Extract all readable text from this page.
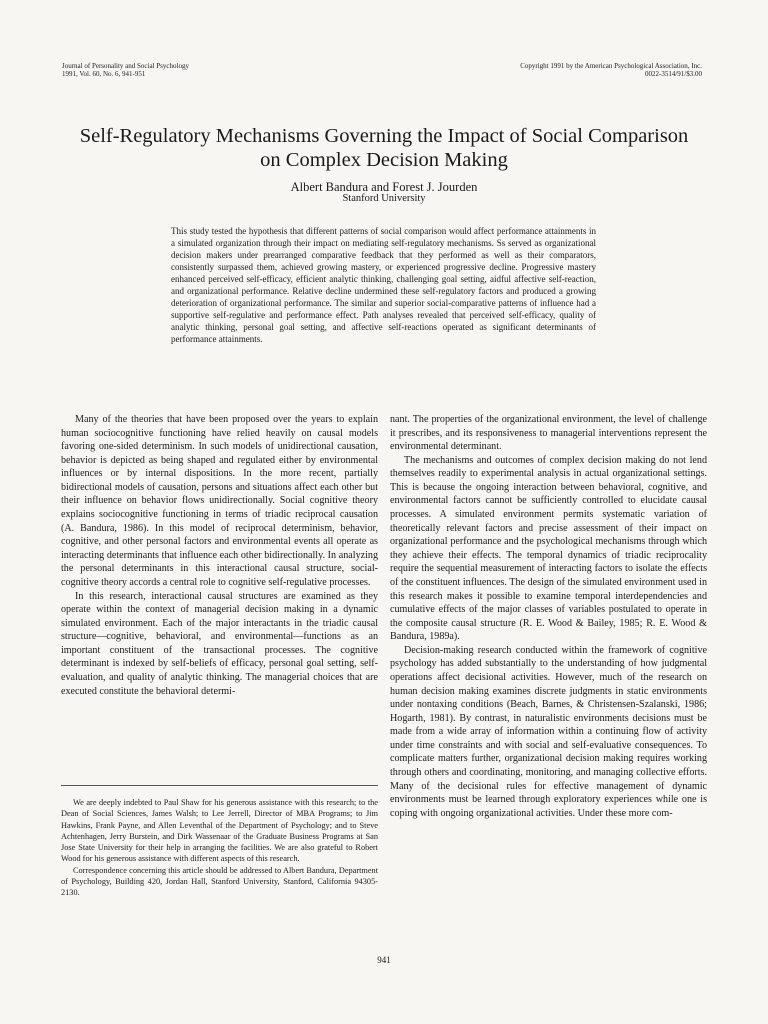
Journal of Personality and Social Psychology
1991, Vol. 60, No. 6, 941-951
Copyright 1991 by the American Psychological Association, Inc.
0022-3514/91/$3.00
Self-Regulatory Mechanisms Governing the Impact of Social Comparison
on Complex Decision Making
Albert Bandura and Forest J. Jourden
Stanford University
This study tested the hypothesis that different patterns of social comparison would affect performance attainments in a simulated organization through their impact on mediating self-regulatory mechanisms. Ss served as organizational decision makers under prearranged comparative feedback that they performed as well as their comparators, consistently surpassed them, achieved growing mastery, or experienced progressive decline. Progressive mastery enhanced perceived self-efficacy, efficient analytic thinking, challenging goal setting, aidful affective self-reaction, and organizational performance. Relative decline undermined these self-regulatory factors and produced a growing deterioration of organizational performance. The similar and superior social-comparative patterns of influence had a supportive self-regulative and performance effect. Path analyses revealed that perceived self-efficacy, quality of analytic thinking, personal goal setting, and affective self-reactions operated as significant determinants of performance attainments.

Many of the theories that have been proposed over the years to explain human sociocognitive functioning have relied heavily on causal models favoring one-sided determinism. In such models of unidirectional causation, behavior is depicted as being shaped and regulated either by environmental influences or by internal dispositions. In the more recent, partially bidirectional models of causation, persons and situations affect each other but their influence on behavior flows unidirectionally. Social cognitive theory explains sociocognitive functioning in terms of triadic reciprocal causation (A. Bandura, 1986). In this model of reciprocal determinism, behavior, cognitive, and other personal factors and environmental events all operate as interacting determinants that influence each other bidirectionally. In analyzing the personal determinants in this interactional causal structure, social-cognitive theory accords a central role to cognitive self-regulative processes.

In this research, interactional causal structures are examined as they operate within the context of managerial decision making in a dynamic simulated environment. Each of the major interactants in the triadic causal structure—cognitive, behavioral, and environmental—functions as an important constituent of the transactional processes. The cognitive determinant is indexed by self-beliefs of efficacy, personal goal setting, self-evaluation, and quality of analytic thinking. The managerial choices that are executed constitute the behavioral determi-

nant. The properties of the organizational environment, the level of challenge it prescribes, and its responsiveness to managerial interventions represent the environmental determinant.

The mechanisms and outcomes of complex decision making do not lend themselves readily to experimental analysis in actual organizational settings. This is because the ongoing interaction between behavioral, cognitive, and environmental factors cannot be sufficiently controlled to elucidate causal processes. A simulated environment permits systematic variation of theoretically relevant factors and precise assessment of their impact on organizational performance and the psychological mechanisms through which they achieve their effects. The temporal dynamics of triadic reciprocality require the sequential measurement of interacting factors to isolate the effects of the constituent influences. The design of the simulated environment used in this research makes it possible to examine temporal interdependencies and cumulative effects of the major classes of variables postulated to operate in the composite causal structure (R. E. Wood & Bailey, 1985; R. E. Wood & Bandura, 1989a).

Decision-making research conducted within the framework of cognitive psychology has added substantially to the understanding of how judgmental operations affect decisional activities. However, much of the research on human decision making examines discrete judgments in static environments under nontaxing conditions (Beach, Barnes, & Christensen-Szalanski, 1986; Hogarth, 1981). By contrast, in naturalistic environments decisions must be made from a wide array of information within a continuing flow of activity under time constraints and with social and self-evaluative consequences. To complicate matters further, organizational decision making requires working through others and coordinating, monitoring, and managing collective efforts. Many of the decisional rules for effective management of dynamic environments must be learned through exploratory experiences while one is coping with ongoing organizational activities. Under these more com-

We are deeply indebted to Paul Shaw for his generous assistance with this research; to the Dean of Social Sciences, James Walsh; to Lee Jerrell, Director of MBA Programs; to Jim Hawkins, Frank Payne, and Allen Leventhal of the Department of Psychology; and to Steve Achtenhagen, Jerry Burstein, and Dirk Wassenaar of the Graduate Business Programs at San Jose State University for their help in arranging the facilities. We are also grateful to Robert Wood for his generous assistance with different aspects of this research.

Correspondence concerning this article should be addressed to Albert Bandura, Department of Psychology, Building 420, Jordan Hall, Stanford University, Stanford, California 94305-2130.

941
